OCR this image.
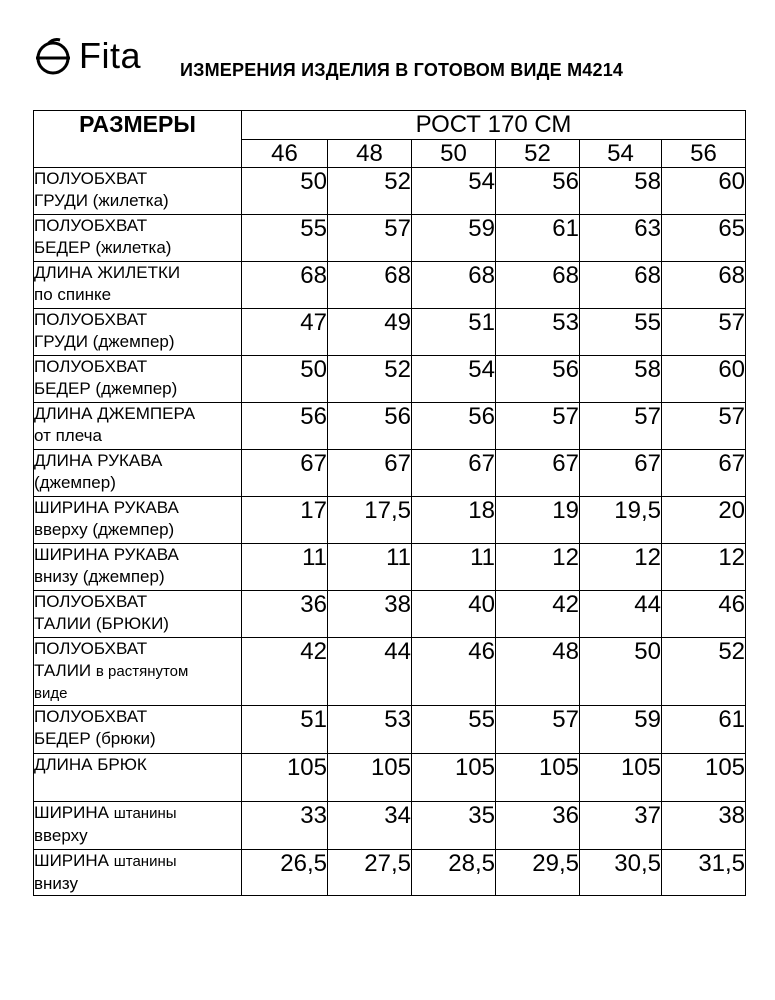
Fita ИЗМЕРЕНИЯ ИЗДЕЛИЯ В ГОТОВОМ ВИДЕ М4214
РАЗМЕРЫ	РОСТ 170 СМ					
	46	48	50	52	54	56

ПОЛУОБХВАТ
ГРУДИ (жилетка)	50	52	54	56	58	60

ПОЛУОБХВАТ
БЕДЕР (жилетка)	55	57	59	61	63	65

ДЛИНА ЖИЛЕТКИ
по спинке	68	68	68	68	68	68

ПОЛУОБХВАТ
ГРУДИ (джемпер)	47	49	51	53	55	57

ПОЛУОБХВАТ
БЕДЕР (джемпер)	50	52	54	56	58	60

ДЛИНА ДЖЕМПЕРА
от плеча	56	56	56	57	57	57

ДЛИНА РУКАВА
(джемпер)	67	67	67	67	67	67

ШИРИНА РУКАВА
вверху (джемпер)	17	17,5	18	19	19,5	20

ШИРИНА РУКАВА
внизу (джемпер)	11	11	11	12	12	12

ПОЛУОБХВАТ
ТАЛИИ (БРЮКИ)	36	38	40	42	44	46

ПОЛУОБХВАТ
ТАЛИИ в растянутом
виде	42	44	46	48	50	52

ПОЛУОБХВАТ
БЕДЕР (брюки)	51	53	55	57	59	61

ДЛИНА БРЮК	105	105	105	105	105	105

ШИРИНА штанины
вверху	33	34	35	36	37	38

ШИРИНА штанины
внизу	26,5	27,5	28,5	29,5	30,5	31,5
